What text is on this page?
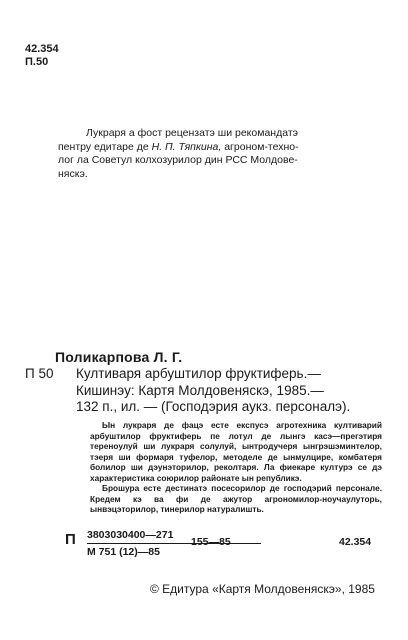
42.354
П.50
Лукраря а фост рецензатэ ши рекомандатэ
пентру едитаре де Н. П. Тяпкина, агроном-техно-
лог ла Советул колхозурилор дин РСС Молдове-
няскэ.
Поликарпова Л. Г.
П 50	Култиваря арбуштилор фруктиферь.—
Кишинэу: Картя Молдовеняскэ, 1985.—
132 п., ил. — (Господэрия аукз. персоналэ).

Ын лукраря де фацэ есте експусэ агротехника култиварий арбуштилор фруктиферь пе лотул де лынгэ касэ—прегэтиря тереноулуй ши лукраря солулуй, ынтродучеря ынгрэшэминтелор, тэеря ши формаря туфелор, методеле де ынмулцире, комбатеря болилор ши дэунэторилор, реколтаря. Ла фиекаре културэ се дэ характеристика союрилор районате ын републикэ.

Брошура есте дестинатэ посесорилор де господэрий персонале. Кредем кэ ва фи де ажутор агрономилор-ноучаулуторь, ынвэцэторилор, тинерилор натуралишть.

П 3803030400—271
М 751 (12)—85
155—85	42.354
© Едитура «Картя Молдовеняскэ», 1985
